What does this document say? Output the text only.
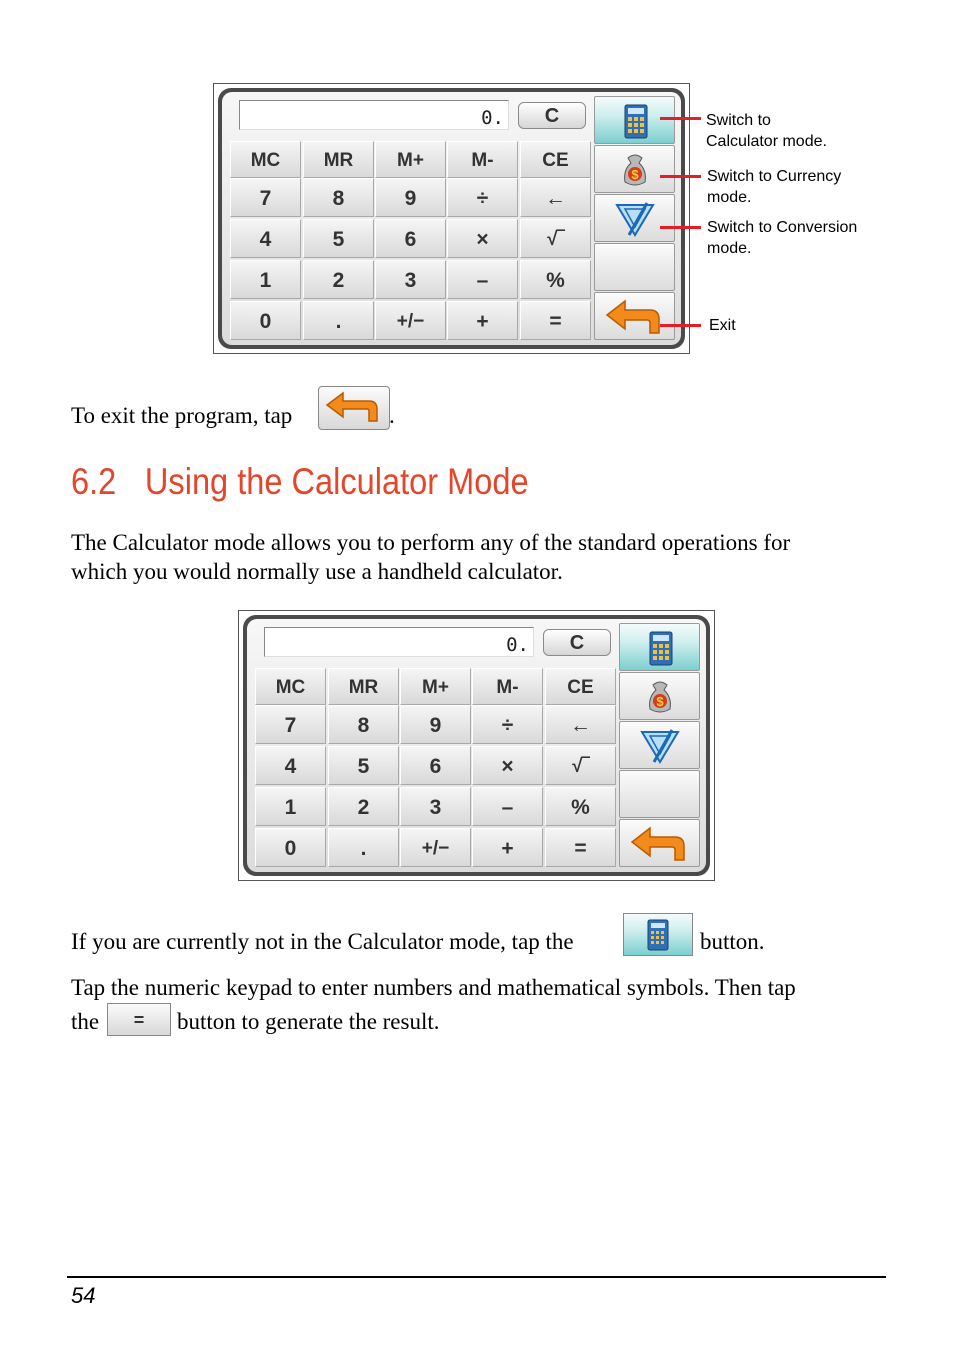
0.	C
MC	MR	M+	M-	CE
7	8	9	÷	←
4	5	6	×	√‾
1	2	3	–	%
0	.	+/−	+	=
$
Switch to
Calculator mode.
Switch to Currency
mode.
Switch to Conversion
mode.
Exit
To exit the program, tap	.
6.2 Using the Calculator Mode
The Calculator mode allows you to perform any of the standard operations for
which you would normally use a handheld calculator.
0.	C
MC	MR	M+	M-	CE
7	8	9	÷	←
4	5	6	×	√‾
1	2	3	–	%
0	.	+/−	+	=
$
If you are currently not in the Calculator mode, tap the	button.
Tap the numeric keypad to enter numbers and mathematical symbols. Then tap
the	=	button to generate the result.
54
